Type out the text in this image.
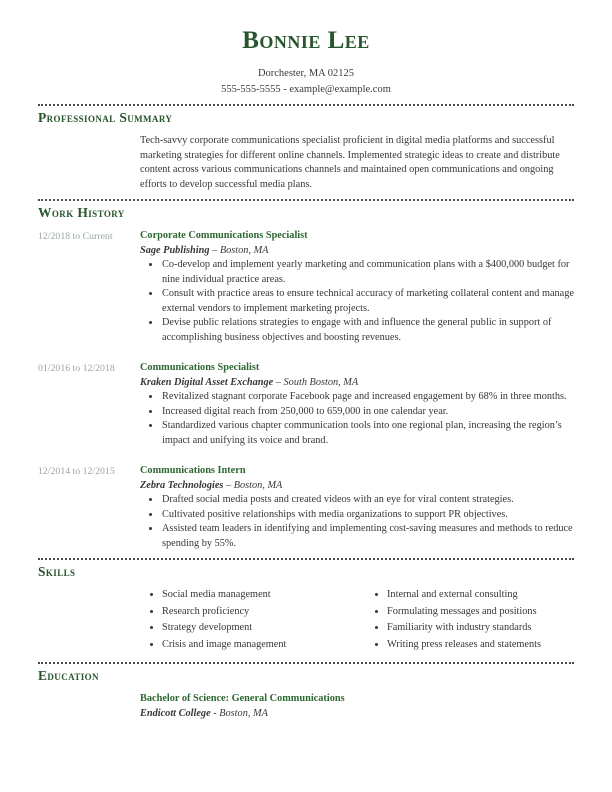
Bonnie Lee
Dorchester, MA 02125
555-555-5555 - example@example.com
Professional Summary
Tech-savvy corporate communications specialist proficient in digital media platforms and successful marketing strategies for different online channels. Implemented strategic ideas to create and distribute content across various communications channels and maintained open communications and ongoing efforts to develop successful media plans.
Work History
12/2018 to Current	Corporate Communications Specialist
Sage Publishing – Boston, MA
• Co-develop and implement yearly marketing and communication plans with a $400,000 budget for nine individual practice areas.
• Consult with practice areas to ensure technical accuracy of marketing collateral content and manage external vendors to implement marketing projects.
• Devise public relations strategies to engage with and influence the general public in support of accomplishing business objectives and boosting revenues.
01/2016 to 12/2018	Communications Specialist
Kraken Digital Asset Exchange – South Boston, MA
• Revitalized stagnant corporate Facebook page and increased engagement by 68% in three months.
• Increased digital reach from 250,000 to 659,000 in one calendar year.
• Standardized various chapter communication tools into one regional plan, increasing the region’s impact and unifying its voice and brand.
12/2014 to 12/2015	Communications Intern
Zebra Technologies – Boston, MA
• Drafted social media posts and created videos with an eye for viral content strategies.
• Cultivated positive relationships with media organizations to support PR objectives.
• Assisted team leaders in identifying and implementing cost-saving measures and methods to reduce spending by 55%.
Skills
• Social media management
• Research proficiency
• Strategy development
• Crisis and image management
• Internal and external consulting
• Formulating messages and positions
• Familiarity with industry standards
• Writing press releases and statements
Education
Bachelor of Science: General Communications
Endicott College - Boston, MA
